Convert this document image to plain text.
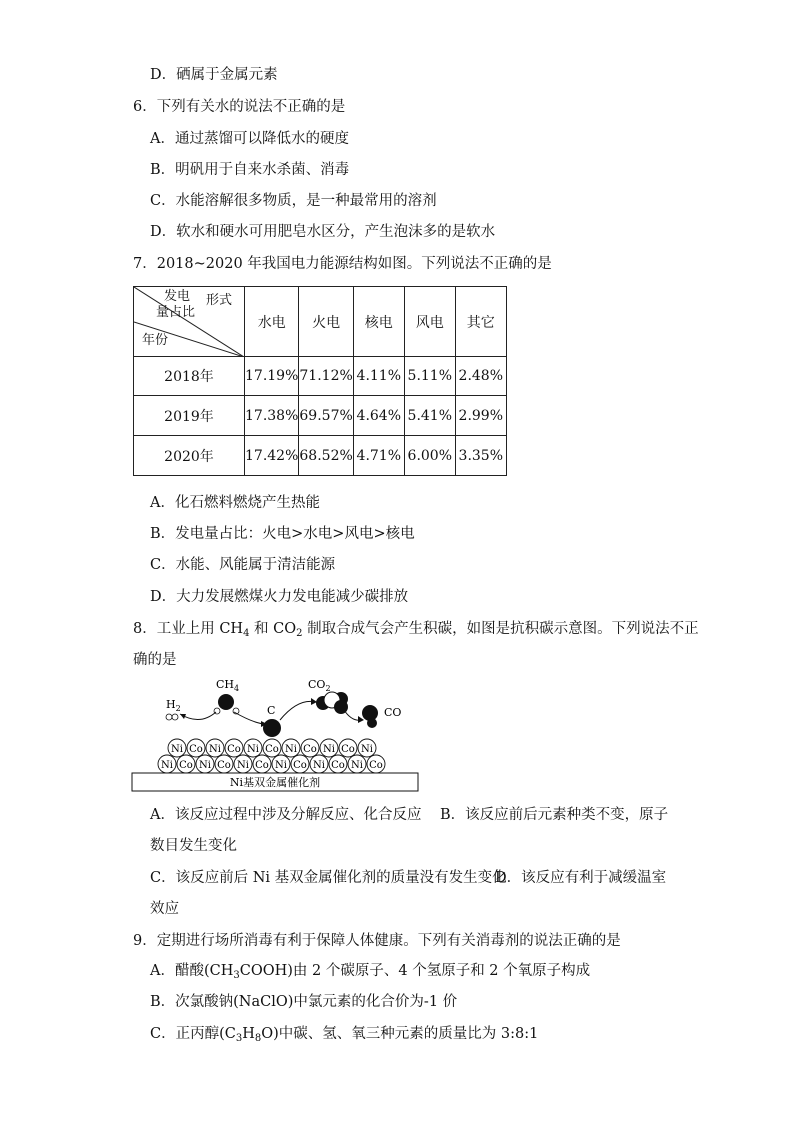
D．硒属于金属元素
6．下列有关水的说法不正确的是
A．通过蒸馏可以降低水的硬度
B．明矾用于自来水杀菌、消毒
C．水能溶解很多物质，是一种最常用的溶剂
D．软水和硬水可用肥皂水区分，产生泡沫多的是软水
7．2018~2020 年我国电力能源结构如图。下列说法不正确的是
形式
发电
量占比
年份	水电	火电	核电	风电	其它
2018年	17.19%	71.12%	4.11%	5.11%	2.48%
2019年	17.38%	69.57%	4.64%	5.41%	2.99%
2020年	17.42%	68.52%	4.71%	6.00%	3.35%
A．化石燃料燃烧产生热能
B．发电量占比：火电>水电>风电>核电
C．水能、风能属于清洁能源
D．大力发展燃煤火力发电能减少碳排放
8．工业上用 $CH_4$ 和 $CO_2$ 制取合成气会产生积碳，如图是抗积碳示意图。下列说法不正
确的是
$H_2$
$CH_4$
C
$CO_2$
CO
Ni Co Ni Co Ni Co Ni Co Ni Co Ni
Ni Co Ni Co Ni Co Ni Co Ni Co Ni Co
Ni基双金属催化剂
A．该反应过程中涉及分解反应、化合反应 B．该反应前后元素种类不变，原子
数目发生变化
C．该反应前后 Ni 基双金属催化剂的质量没有发生变化
D．该反应有利于减缓温室
效应
9．定期进行场所消毒有利于保障人体健康。下列有关消毒剂的说法正确的是
A．醋酸$(CH_3COOH)$由 2 个碳原子、4 个氢原子和 2 个氧原子构成
B．次氯酸钠(NaClO)中氯元素的化合价为-1 价
C．正丙醇$(C_3H_8O)$中碳、氢、氧三种元素的质量比为 3:8:1
